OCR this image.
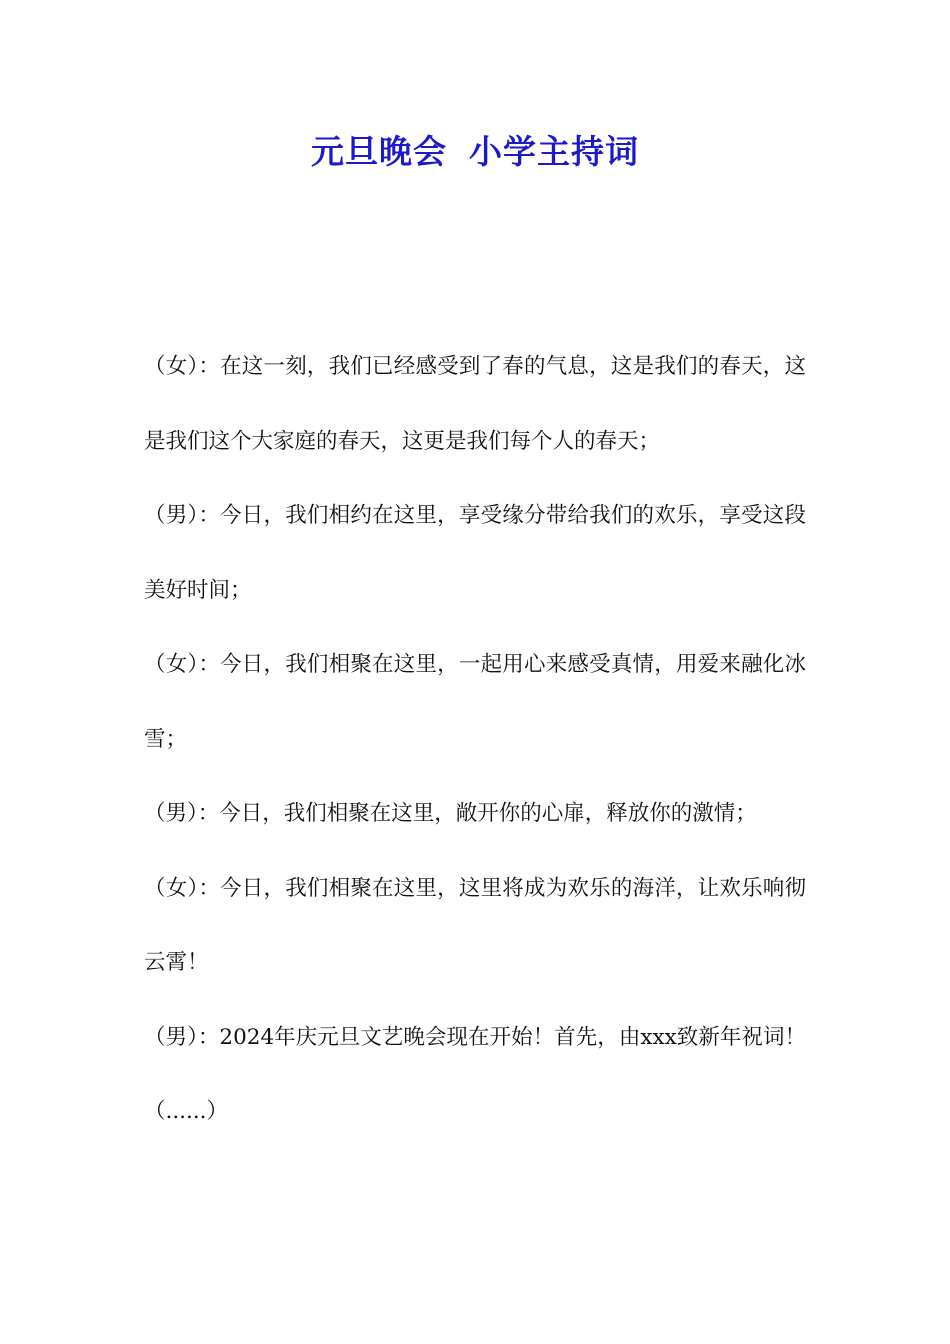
元旦晚会 小学主持词

（女）：在这一刻，我们已经感受到了春的气息，这是我们的春天，这是我们这个大家庭的春天，这更是我们每个人的春天；

（男）：今日，我们相约在这里，享受缘分带给我们的欢乐，享受这段美好时间；

（女）：今日，我们相聚在这里，一起用心来感受真情，用爱来融化冰雪；

（男）：今日，我们相聚在这里，敞开你的心扉，释放你的激情；

（女）：今日，我们相聚在这里，这里将成为欢乐的海洋，让欢乐响彻云霄！

（男）：2024年庆元旦文艺晚会现在开始！首先，由xxx致新年祝词！（......）
